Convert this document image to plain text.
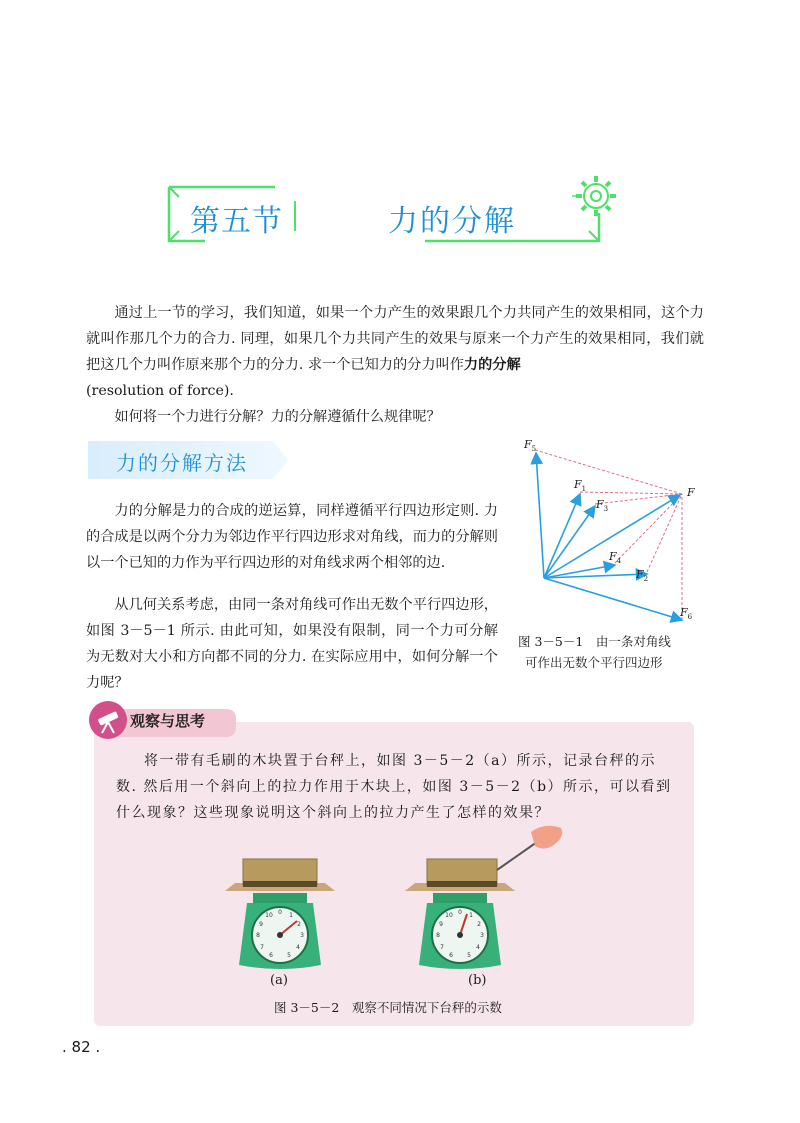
第五节	力的分解

通过上一节的学习，我们知道，如果一个力产生的效果跟几个力共同产生的效果相同，这个力就叫作那几个力的合力. 同理，如果几个力共同产生的效果与原来一个力产生的效果相同，我们就把这几个力叫作原来那个力的分力. 求一个已知力的分力叫作力的分解
(resolution of force).

如何将一个力进行分解？力的分解遵循什么规律呢？

力的分解方法

力的分解是力的合成的逆运算，同样遵循平行四边形定则. 力的合成是以两个分力为邻边作平行四边形求对角线，而力的分解则以一个已知的力作为平行四边形的对角线求两个相邻的边.

从几何关系考虑，由同一条对角线可作出无数个平行四边形，如图 3－5－1 所示. 由此可知，如果没有限制，同一个力可分解为无数对大小和方向都不同的分力. 在实际应用中，如何分解一个力呢？

$F_5$
$F_1$
$F_3$
F
$F_4$
$F_2$
$F_6$
图 3－5－1　由一条对角线
可作出无数个平行四边形
观察与思考

将一带有毛刷的木块置于台秤上，如图 3－5－2（a）所示，记录台秤的示数. 然后用一个斜向上的拉力作用于木块上，如图 3－5－2（b）所示，可以看到什么现象？这些现象说明这个斜向上的拉力产生了怎样的效果？

0 1
2
3
4
5
6
7
8
9
10	0 1
2
3
4
5
6
7
8
9
10
(a)	(b)
图 3－5－2　观察不同情况下台秤的示数
. 82 .
